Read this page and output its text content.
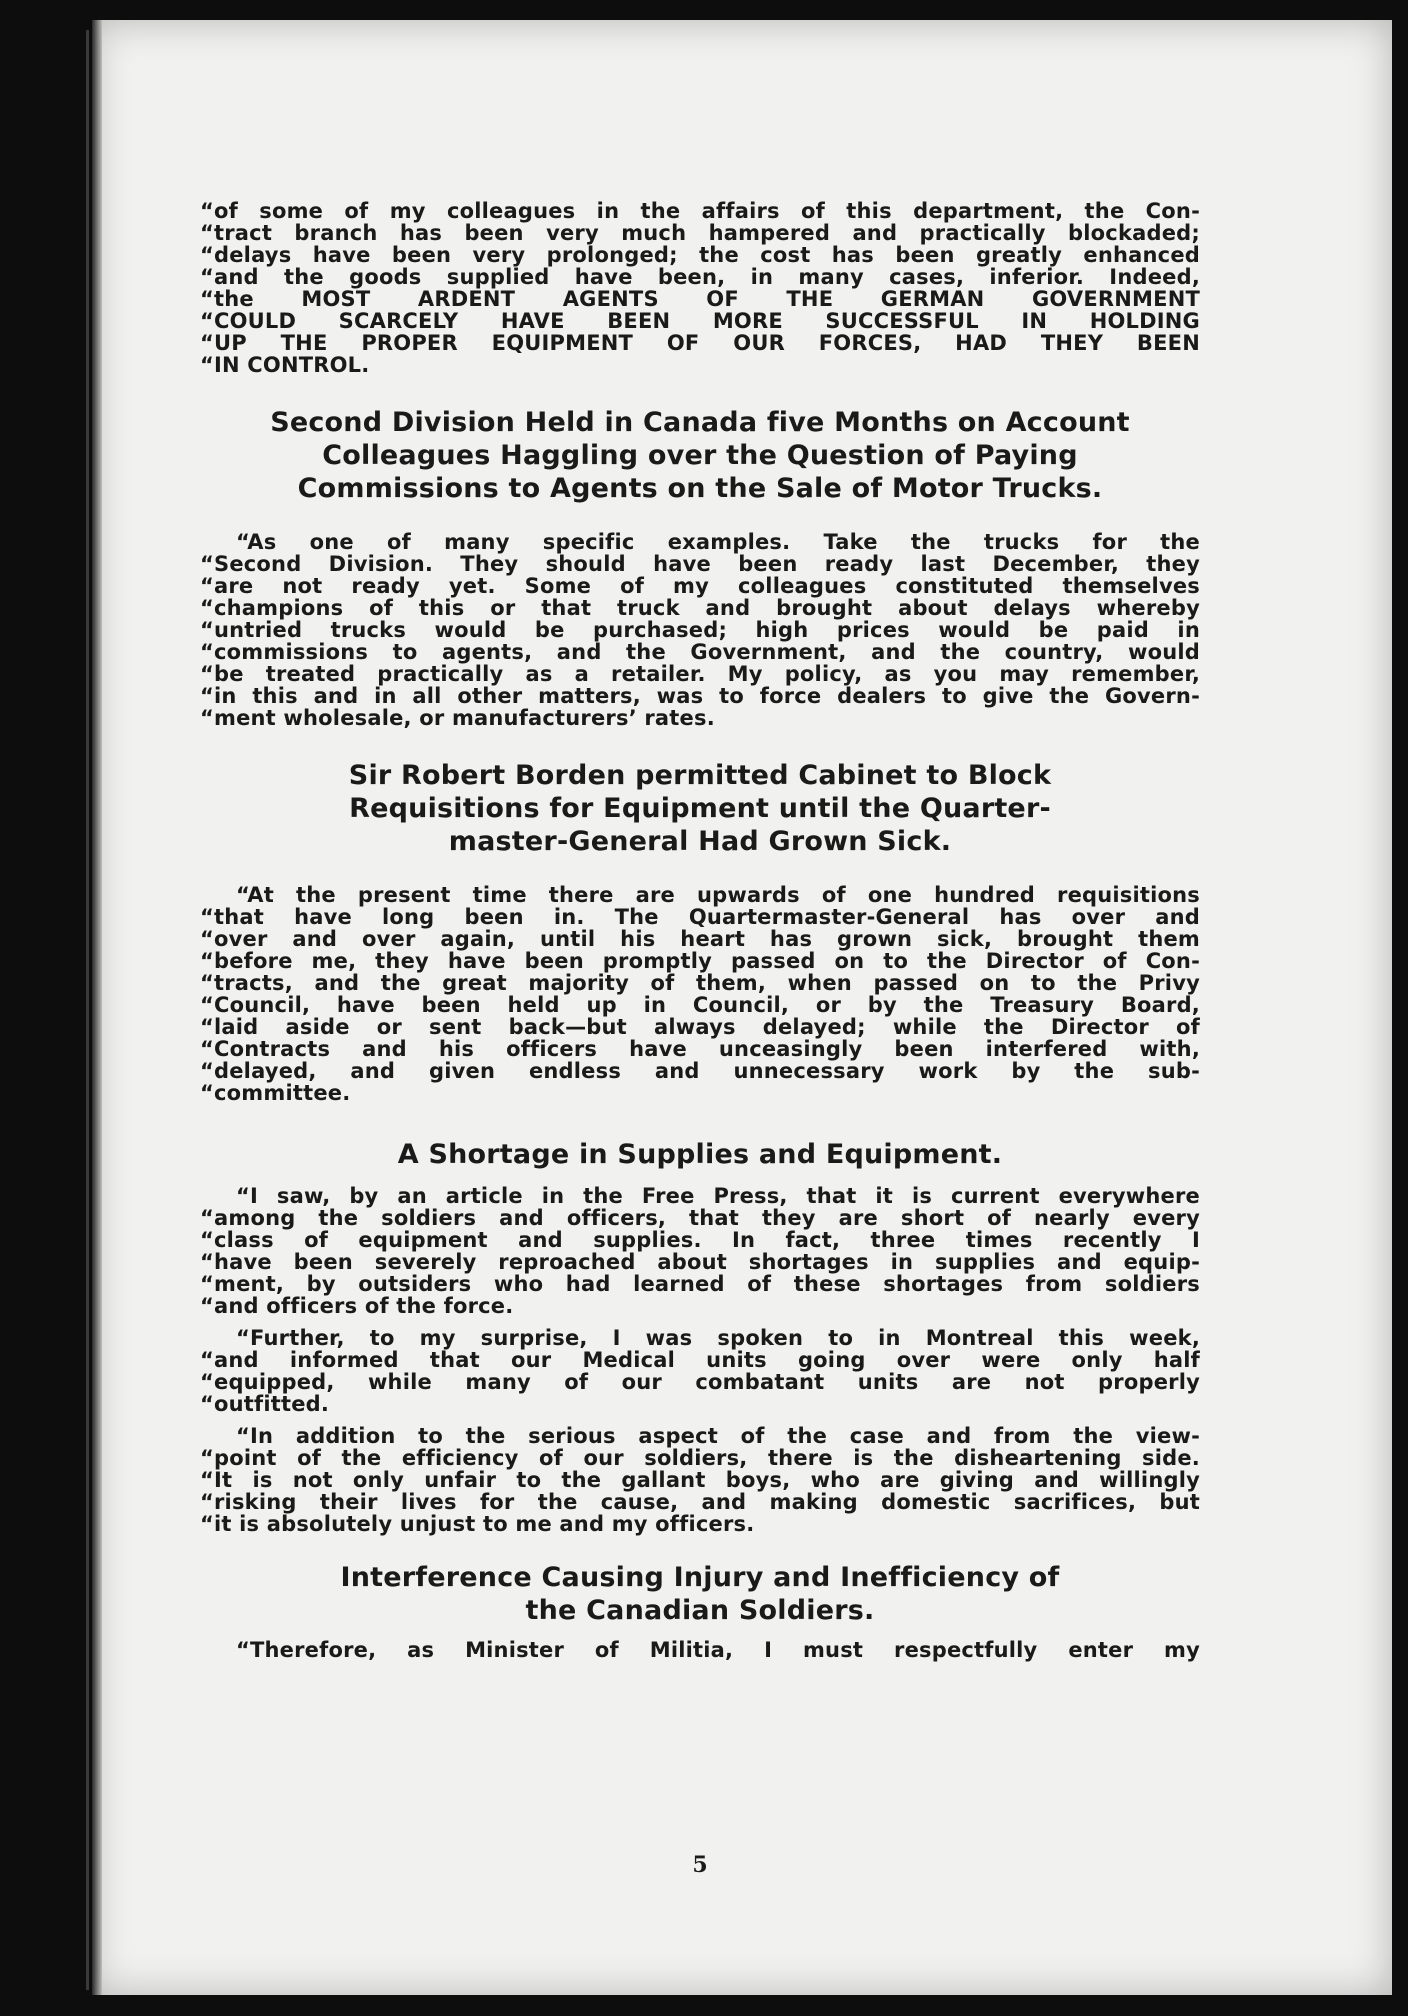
“of some of my colleagues in the affairs of this department, the Con-
“tract branch has been very much hampered and practically blockaded;
“delays have been very prolonged; the cost has been greatly enhanced
“and the goods supplied have been, in many cases, inferior. Indeed,
“the MOST ARDENT AGENTS OF THE GERMAN GOVERNMENT
“COULD SCARCELY HAVE BEEN MORE SUCCESSFUL IN HOLDING
“UP THE PROPER EQUIPMENT OF OUR FORCES, HAD THEY BEEN
“IN CONTROL.
Second Division Held in Canada five Months on Account
Colleagues Haggling over the Question of Paying
Commissions to Agents on the Sale of Motor Trucks.
“As one of many specific examples. Take the trucks for the
“Second Division. They should have been ready last December, they
“are not ready yet. Some of my colleagues constituted themselves
“champions of this or that truck and brought about delays whereby
“untried trucks would be purchased; high prices would be paid in
“commissions to agents, and the Government, and the country, would
“be treated practically as a retailer. My policy, as you may remember,
“in this and in all other matters, was to force dealers to give the Govern-
“ment wholesale, or manufacturers’ rates.
Sir Robert Borden permitted Cabinet to Block
Requisitions for Equipment until the Quarter-
master-General Had Grown Sick.
“At the present time there are upwards of one hundred requisitions
“that have long been in. The Quartermaster-General has over and
“over and over again, until his heart has grown sick, brought them
“before me, they have been promptly passed on to the Director of Con-
“tracts, and the great majority of them, when passed on to the Privy
“Council, have been held up in Council, or by the Treasury Board,
“laid aside or sent back—but always delayed; while the Director of
“Contracts and his officers have unceasingly been interfered with,
“delayed, and given endless and unnecessary work by the sub-
“committee.
A Shortage in Supplies and Equipment.
“I saw, by an article in the Free Press, that it is current everywhere
“among the soldiers and officers, that they are short of nearly every
“class of equipment and supplies. In fact, three times recently I
“have been severely reproached about shortages in supplies and equip-
“ment, by outsiders who had learned of these shortages from soldiers
“and officers of the force.
“Further, to my surprise, I was spoken to in Montreal this week,
“and informed that our Medical units going over were only half
“equipped, while many of our combatant units are not properly
“outfitted.
“In addition to the serious aspect of the case and from the view-
“point of the efficiency of our soldiers, there is the disheartening side.
“It is not only unfair to the gallant boys, who are giving and willingly
“risking their lives for the cause, and making domestic sacrifices, but
“it is absolutely unjust to me and my officers.
Interference Causing Injury and Inefficiency of
the Canadian Soldiers.
“Therefore, as Minister of Militia, I must respectfully enter my
5
